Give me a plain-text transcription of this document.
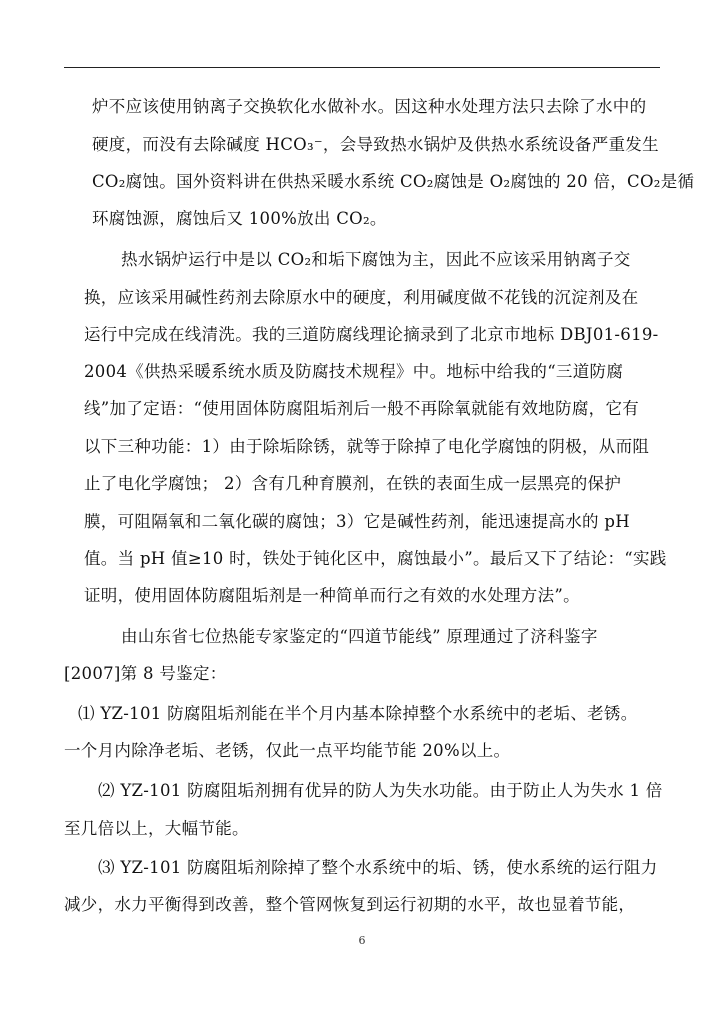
炉不应该使用钠离子交换软化水做补水。因这种水处理方法只去除了水中的
硬度，而没有去除碱度 HCO₃⁻，会导致热水锅炉及供热水系统设备严重发生
CO₂腐蚀。国外资料讲在供热采暖水系统 CO₂腐蚀是 O₂腐蚀的 20 倍，CO₂是循
环腐蚀源，腐蚀后又 100%放出 CO₂。
热水锅炉运行中是以 CO₂和垢下腐蚀为主，因此不应该采用钠离子交
换，应该采用碱性药剂去除原水中的硬度，利用碱度做不花钱的沉淀剂及在
运行中完成在线清洗。我的三道防腐线理论摘录到了北京市地标 DBJ01-619-
2004《供热采暖系统水质及防腐技术规程》中。地标中给我的“三道防腐
线”加了定语：“使用固体防腐阻垢剂后一般不再除氧就能有效地防腐，它有
以下三种功能：1）由于除垢除锈，就等于除掉了电化学腐蚀的阴极，从而阻
止了电化学腐蚀； 2）含有几种育膜剂，在铁的表面生成一层黑亮的保护
膜，可阻隔氧和二氧化碳的腐蚀；3）它是碱性药剂，能迅速提高水的 pH
值。当 pH 值≥10 时，铁处于钝化区中，腐蚀最小”。最后又下了结论：“实践
证明，使用固体防腐阻垢剂是一种简单而行之有效的水处理方法”。
由山东省七位热能专家鉴定的“四道节能线” 原理通过了济科鉴字
[2007]第 8 号鉴定：
⑴ YZ-101 防腐阻垢剂能在半个月内基本除掉整个水系统中的老垢、老锈。
一个月内除净老垢、老锈，仅此一点平均能节能 20%以上。
⑵ YZ-101 防腐阻垢剂拥有优异的防人为失水功能。由于防止人为失水 1 倍
至几倍以上，大幅节能。
⑶ YZ-101 防腐阻垢剂除掉了整个水系统中的垢、锈，使水系统的运行阻力
减少，水力平衡得到改善，整个管网恢复到运行初期的水平，故也显着节能，
6
